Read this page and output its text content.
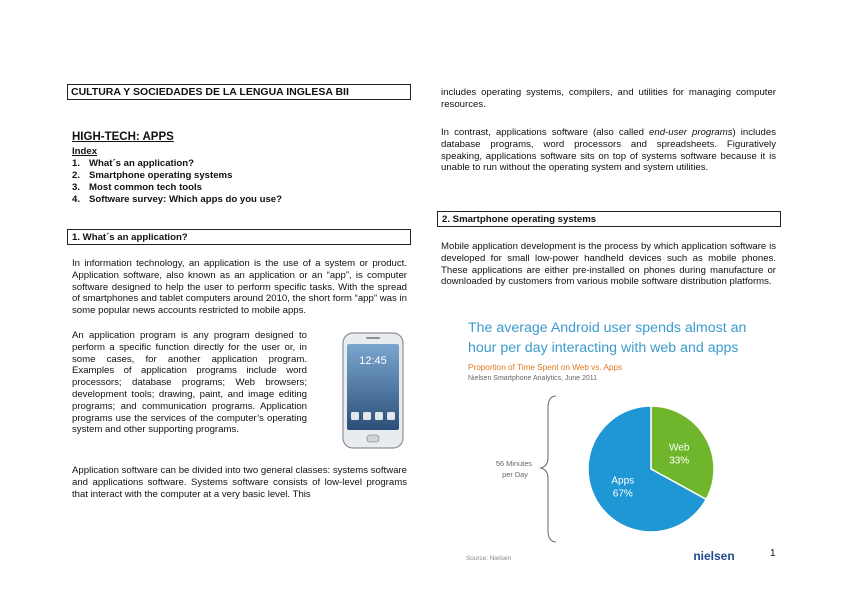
CULTURA Y SOCIEDADES DE LA LENGUA INGLESA BII
HIGH-TECH: APPS
Index
1. What´s an application?
2. Smartphone operating systems
3. Most common tech tools
4. Software survey: Which apps do you use?
1. What´s an application?
In information technology, an application is the use of a system or product. Application software, also known as an application or an “app”, is computer software designed to help the user to perform specific tasks. With the spread of smartphones and tablet computers around 2010, the short form “app” was in some popular news accounts restricted to mobile apps.
An application program is any program designed to perform a specific function directly for the user or, in some cases, for another application program. Examples of application programs include word processors; database programs; Web browsers; development tools; drawing, paint, and image editing programs; and communication programs. Application programs use the services of the computer’s operating system and other supporting programs.
12:45
Application software can be divided into two general classes: systems software and applications software. Systems software consists of low-level programs that interact with the computer at a very basic level. This
includes operating systems, compilers, and utilities for managing computer resources.
In contrast, applications software (also called end-user programs) includes database programs, word processors and spreadsheets. Figuratively speaking, applications software sits on top of systems software because it is unable to run without the operating system and system utilities.
2. Smartphone operating systems
Mobile application development is the process by which application software is developed for small low-power handheld devices such as mobile phones. These applications are either pre-installed on phones during manufacture or downloaded by customers from various mobile software distribution platforms.
The average Android user spends almost an
hour per day interacting with web and apps
Proportion of Time Spent on Web vs. Apps
Nielsen Smartphone Analytics, June 2011
56 Minutes
per Day
Web
33%
Apps
67%
Source: Nielsen	nielsen	1
